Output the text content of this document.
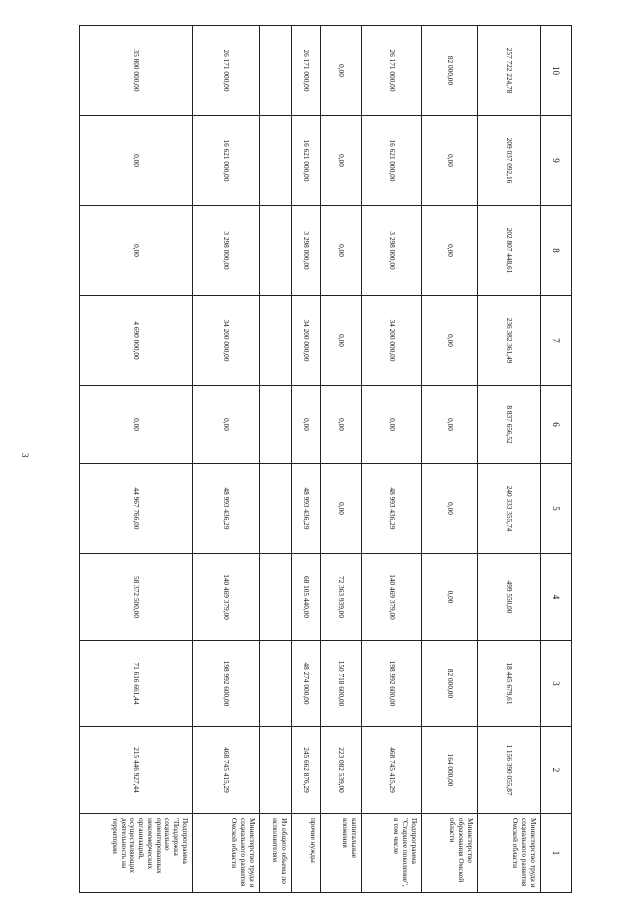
3
10	9	8	7	6	5	4	3	2	1
257 722 224,78	209 037 092,16	202 807 448,61	236 382 361,49	8 837 656,52	240 333 355,74	499 550,00	18 445 679,61	1 156 390 055,87	Министерство труда и социального развития Омской области
82 000,00	0,00	0,00	0,00	0,00	0,00	0,00	82 000,00	164 000,00	Министерство образования Омской области
26 171 000,00	16 621 000,00	3 298 000,00	34 200 000,00	0,00	48 993 436,29	140 469 379,00	198 992 600,00	468 745 415,29	Подпрограмма "Старшее поколение", в том числе
0,00	0,00	0,00	0,00	0,00	0,00	72 363 939,00	150 718 600,00	223 082 539,00	капитальные вложения
26 171 000,00	16 621 000,00	3 298 000,00	34 200 000,00	0,00	48 993 436,29	68 105 440,00	48 274 000,00	245 662 876,29	прочие нужды
									Из общего объема по исполнителям
26 171 000,00	16 621 000,00	3 298 000,00	34 200 000,00	0,00	48 993 436,29	140 469 379,00	198 992 600,00	468 745 415,29	Министерство труда и социального развития Омской области
35 800 000,00	0,00	0,00	4 690 000,00	0,00	44 967 766,00	58 372 500,00	71 616 661,44	215 446 927,44	Подпрограмма "Поддержка социально ориентированных некоммерческих организаций, осуществляющих деятельность на территории
